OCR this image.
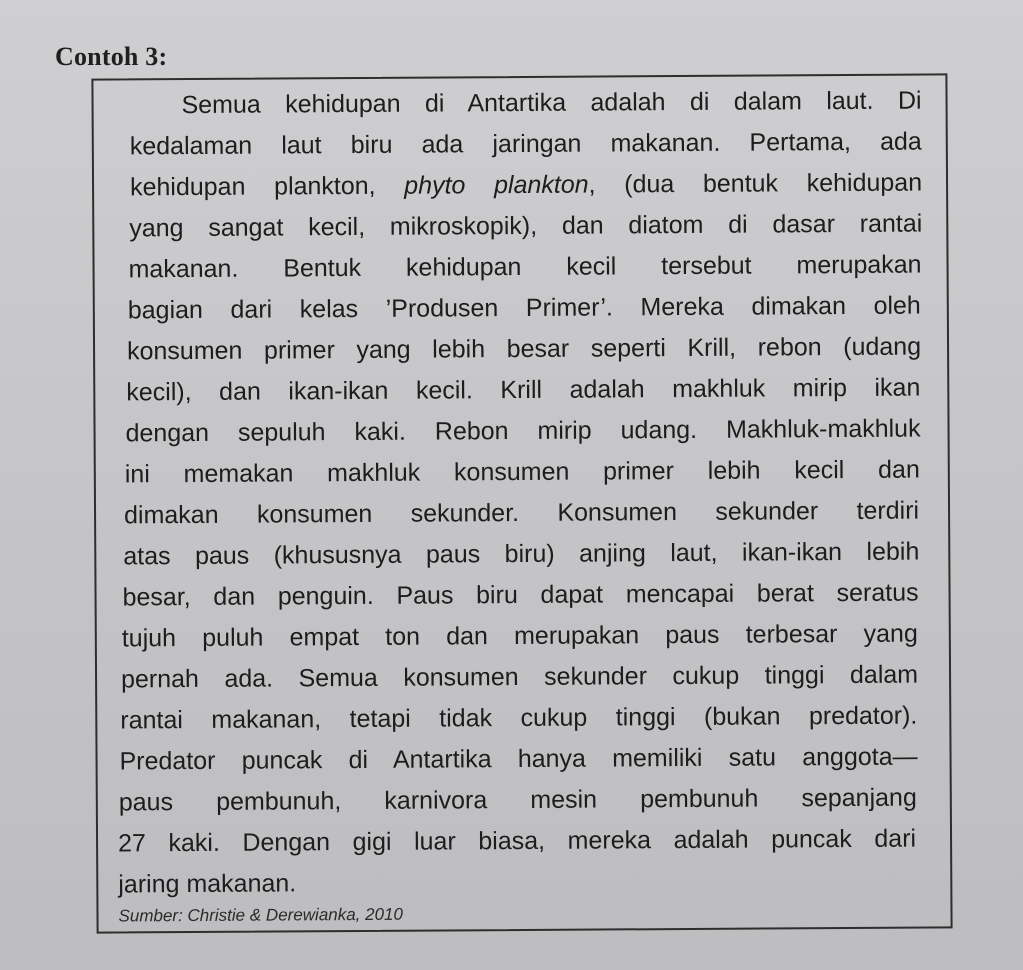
Contoh 3:
Semua kehidupan di Antartika adalah di dalam laut. Di
kedalaman laut biru ada jaringan makanan. Pertama, ada
kehidupan plankton, phyto plankton, (dua bentuk kehidupan
yang sangat kecil, mikroskopik), dan diatom di dasar rantai
makanan. Bentuk kehidupan kecil tersebut merupakan
bagian dari kelas ’Produsen Primer’. Mereka dimakan oleh
konsumen primer yang lebih besar seperti Krill, rebon (udang
kecil), dan ikan-ikan kecil. Krill adalah makhluk mirip ikan
dengan sepuluh kaki. Rebon mirip udang. Makhluk-makhluk
ini memakan makhluk konsumen primer lebih kecil dan
dimakan konsumen sekunder. Konsumen sekunder terdiri
atas paus (khususnya paus biru) anjing laut, ikan-ikan lebih
besar, dan penguin. Paus biru dapat mencapai berat seratus
tujuh puluh empat ton dan merupakan paus terbesar yang
pernah ada. Semua konsumen sekunder cukup tinggi dalam
rantai makanan, tetapi tidak cukup tinggi (bukan predator).
Predator puncak di Antartika hanya memiliki satu anggota—
paus pembunuh, karnivora mesin pembunuh sepanjang
27 kaki. Dengan gigi luar biasa, mereka adalah puncak dari
jaring makanan.
Sumber: Christie & Derewianka, 2010
